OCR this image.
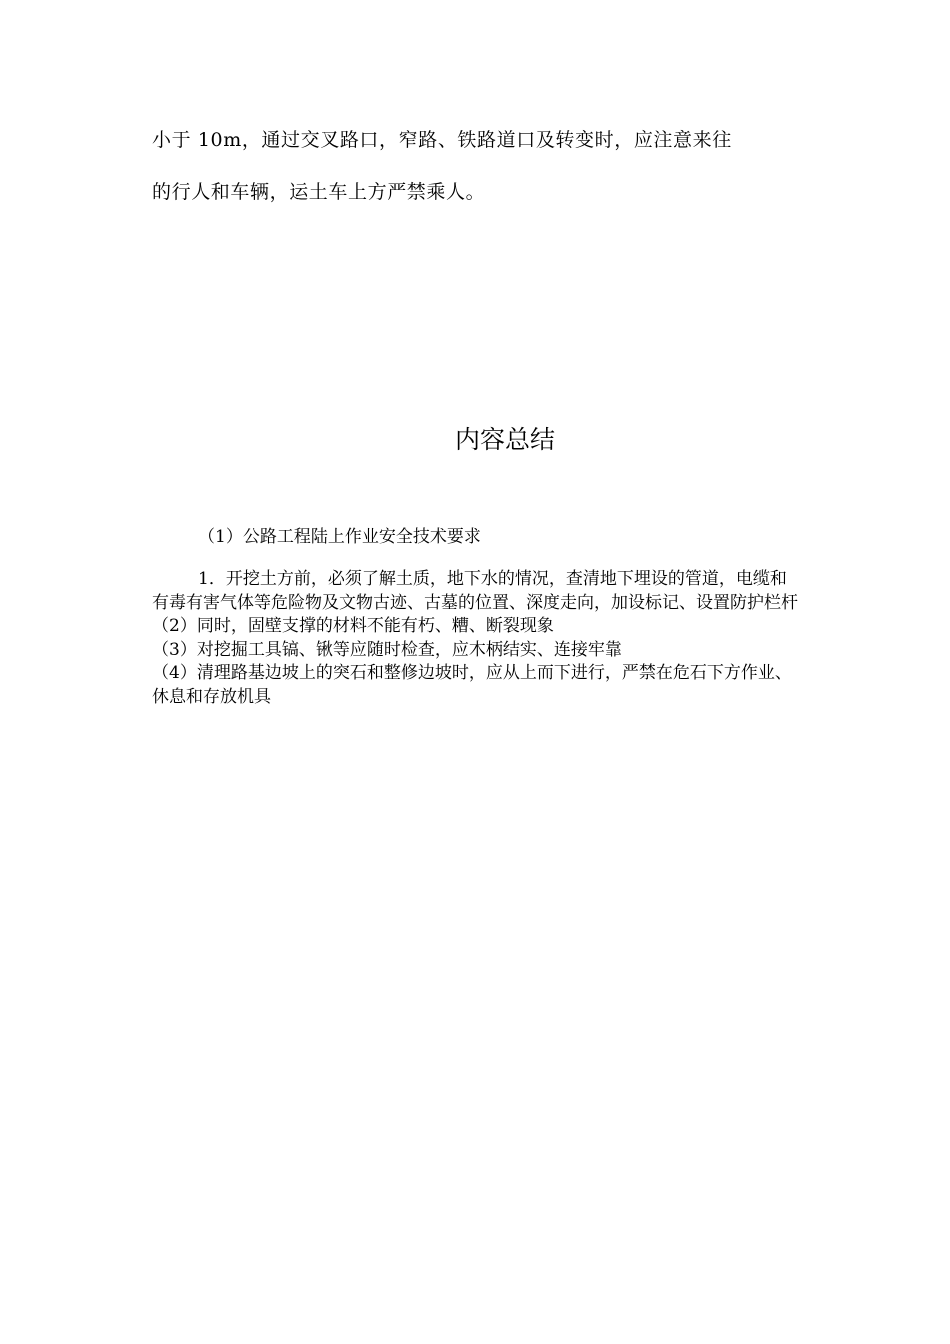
小于 10m，通过交叉路口，窄路、铁路道口及转变时，应注意来往
的行人和车辆，运土车上方严禁乘人。
内容总结
（1）公路工程陆上作业安全技术要求

1．开挖土方前，必须了解土质，地下水的情况，查清地下埋设的管道，电缆和有毒有害气体等危险物及文物古迹、古墓的位置、深度走向，加设标记、设置防护栏杆

（2）同时，固壁支撑的材料不能有朽、糟、断裂现象

（3）对挖掘工具镐、锹等应随时检查，应木柄结实、连接牢靠

（4）清理路基边坡上的突石和整修边坡时，应从上而下进行，严禁在危石下方作业、休息和存放机具
